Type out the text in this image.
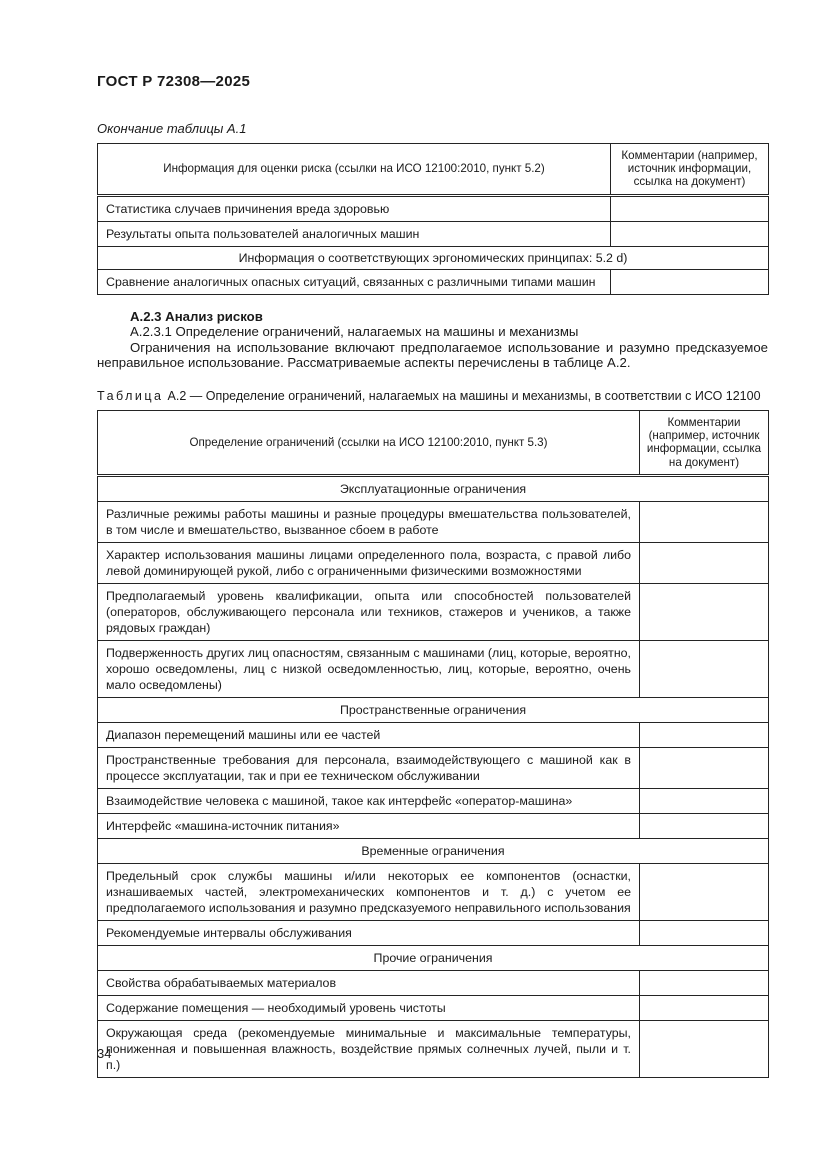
ГОСТ Р 72308—2025
Окончание таблицы А.1
Информация для оценки риска (ссылки на ИСО 12100:2010, пункт 5.2)	Комментарии (например, источник информации, ссылка на документ)
Статистика случаев причинения вреда здоровью	
Результаты опыта пользователей аналогичных машин	
Информация о соответствующих эргономических принципах: 5.2 d)	
Сравнение аналогичных опасных ситуаций, связанных с различными типами машин	
А.2.3 Анализ рисков
А.2.3.1 Определение ограничений, налагаемых на машины и механизмы
Ограничения на использование включают предполагаемое использование и разумно предсказуемое неправильное использование. Рассматриваемые аспекты перечислены в таблице А.2.
Таблица А.2 — Определение ограничений, налагаемых на машины и механизмы, в соответствии с ИСО 12100
Определение ограничений (ссылки на ИСО 12100:2010, пункт 5.3)	Комментарии (например, источник информации, ссылка на документ)
Эксплуатационные ограничения	
Различные режимы работы машины и разные процедуры вмешательства пользователей, в том числе и вмешательство, вызванное сбоем в работе	
Характер использования машины лицами определенного пола, возраста, с правой либо левой доминирующей рукой, либо с ограниченными физическими возможностями	
Предполагаемый уровень квалификации, опыта или способностей пользователей (операторов, обслуживающего персонала или техников, стажеров и учеников, а также рядовых граждан)	
Подверженность других лиц опасностям, связанным с машинами (лиц, которые, вероятно, хорошо осведомлены, лиц с низкой осведомленностью, лиц, которые, вероятно, очень мало осведомлены)	
Пространственные ограничения	
Диапазон перемещений машины или ее частей	
Пространственные требования для персонала, взаимодействующего с машиной как в процессе эксплуатации, так и при ее техническом обслуживании	
Взаимодействие человека с машиной, такое как интерфейс «оператор-машина»	
Интерфейс «машина-источник питания»	
Временные ограничения	
Предельный срок службы машины и/или некоторых ее компонентов (оснастки, изнашиваемых частей, электромеханических компонентов и т. д.) с учетом ее предполагаемого использования и разумно предсказуемого неправильного использования	
Рекомендуемые интервалы обслуживания	
Прочие ограничения	
Свойства обрабатываемых материалов	
Содержание помещения — необходимый уровень чистоты	
Окружающая среда (рекомендуемые минимальные и максимальные температуры, пониженная и повышенная влажность, воздействие прямых солнечных лучей, пыли и т. п.)	
34
